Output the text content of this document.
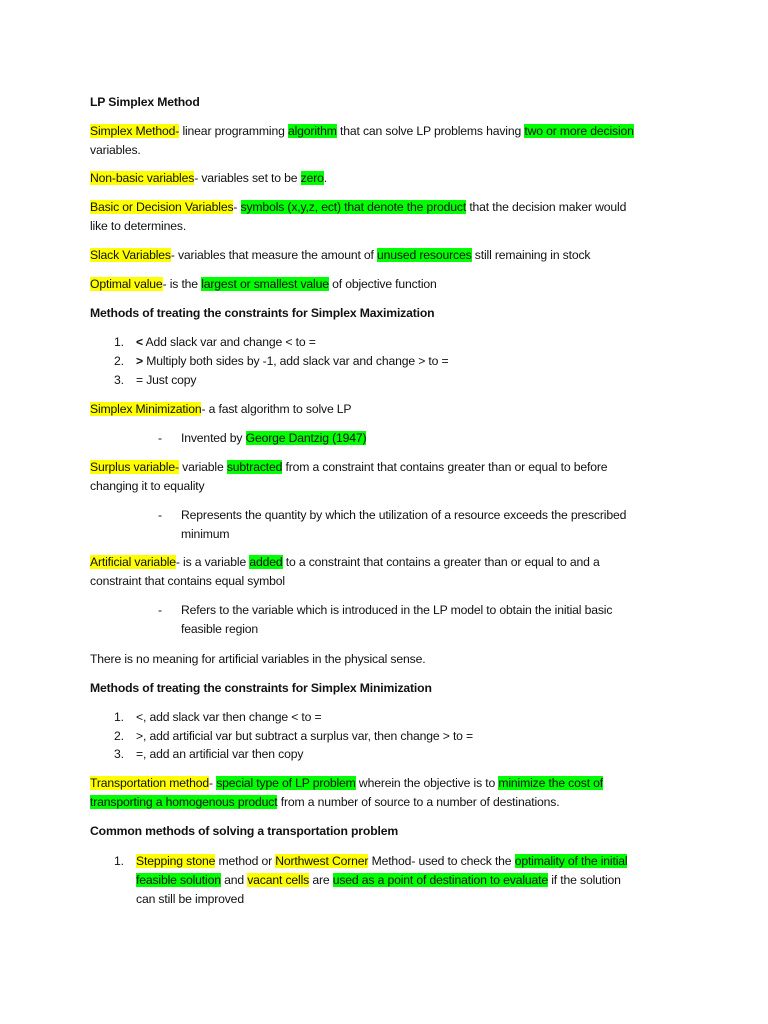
LP Simplex Method
Simplex Method- linear programming algorithm that can solve LP problems having two or more decision
variables.
Non-basic variables- variables set to be zero.
Basic or Decision Variables- symbols (x,y,z, ect) that denote the product that the decision maker would
like to determines.
Slack Variables- variables that measure the amount of unused resources still remaining in stock
Optimal value- is the largest or smallest value of objective function
Methods of treating the constraints for Simplex Maximization
1. < Add slack var and change < to =
2. > Multiply both sides by -1, add slack var and change > to =
3. = Just copy
Simplex Minimization- a fast algorithm to solve LP
- Invented by George Dantzig (1947)
Surplus variable- variable subtracted from a constraint that contains greater than or equal to before
changing it to equality
- Represents the quantity by which the utilization of a resource exceeds the prescribed
minimum
Artificial variable- is a variable added to a constraint that contains a greater than or equal to and a
constraint that contains equal symbol
- Refers to the variable which is introduced in the LP model to obtain the initial basic
feasible region
There is no meaning for artificial variables in the physical sense.
Methods of treating the constraints for Simplex Minimization
1. <, add slack var then change < to =
2. >, add artificial var but subtract a surplus var, then change > to =
3. =, add an artificial var then copy
Transportation method- special type of LP problem wherein the objective is to minimize the cost of
transporting a homogenous product from a number of source to a number of destinations.
Common methods of solving a transportation problem
1. Stepping stone method or Northwest Corner Method- used to check the optimality of the initial
feasible solution and vacant cells are used as a point of destination to evaluate if the solution
can still be improved
